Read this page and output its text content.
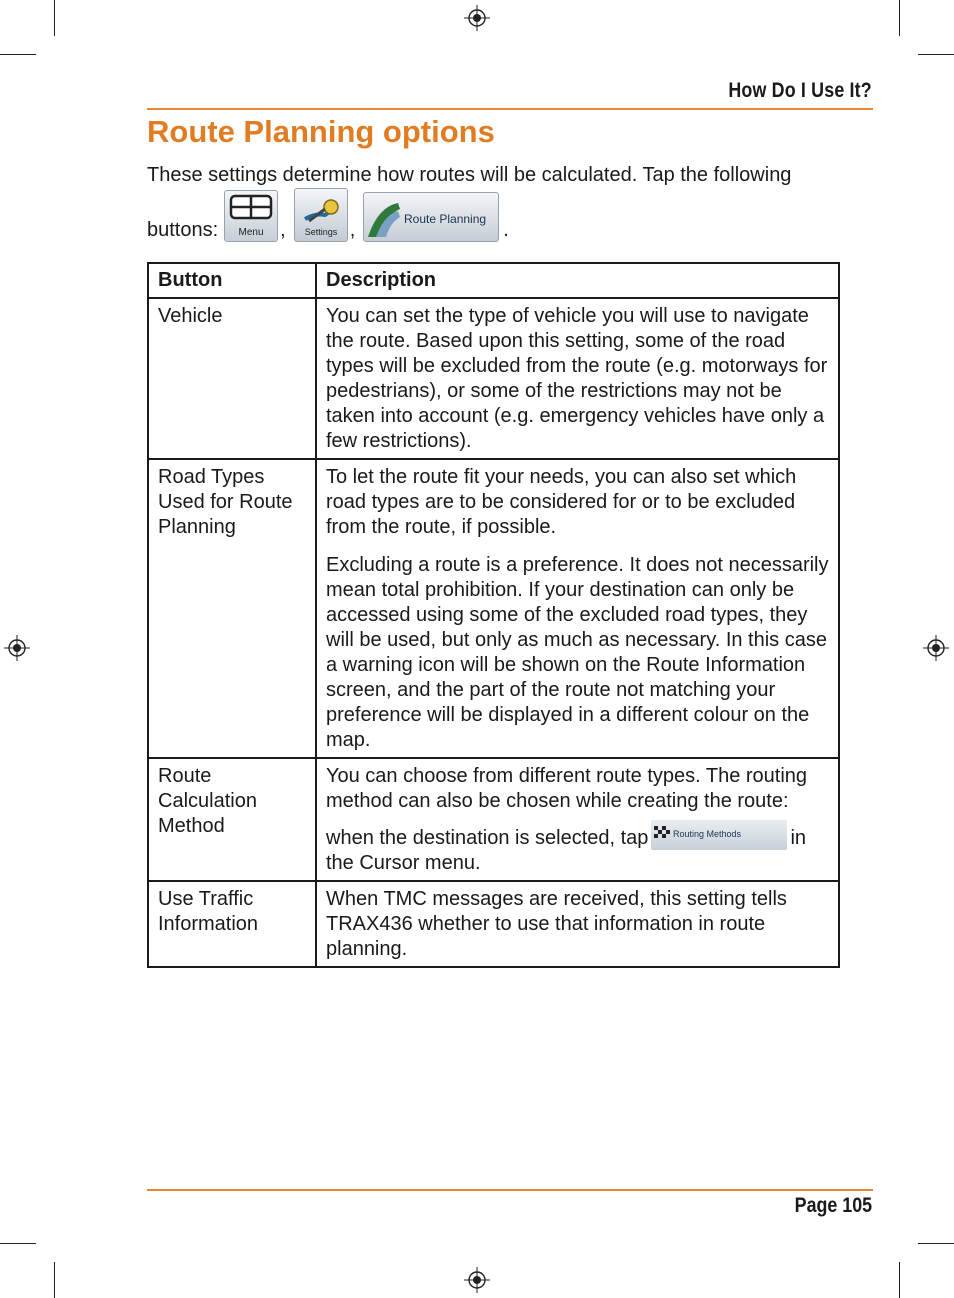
How Do I Use It?
Route Planning options
These settings determine how routes will be calculated. Tap the following
buttons: Menu , Settings ,	Route Planning .
Button	Description
Vehicle	You can set the type of vehicle you will use to navigate the route. Based upon this setting, some of the road types will be excluded from the route (e.g. motorways for pedestrians), or some of the restrictions may not be taken into account (e.g. emergency vehicles have only a few restrictions).

Road Types Used for Route Planning	To let the route fit your needs, you can also set which road types are to be considered for or to be excluded from the route, if possible.

Excluding a route is a preference. It does not necessarily mean total prohibition. If your destination can only be accessed using some of the excluded road types, they will be used, but only as much as necessary. In this case a warning icon will be shown on the Route Information screen, and the part of the route not matching your preference will be displayed in a different colour on the map.

Route Calculation Method	You can choose from different route types. The routing method can also be chosen while creating the route:

when the destination is selected, tap Routing Methods in the Cursor menu.

Use Traffic Information	When TMC messages are received, this setting tells TRAX436 whether to use that information in route planning.

Page 105
